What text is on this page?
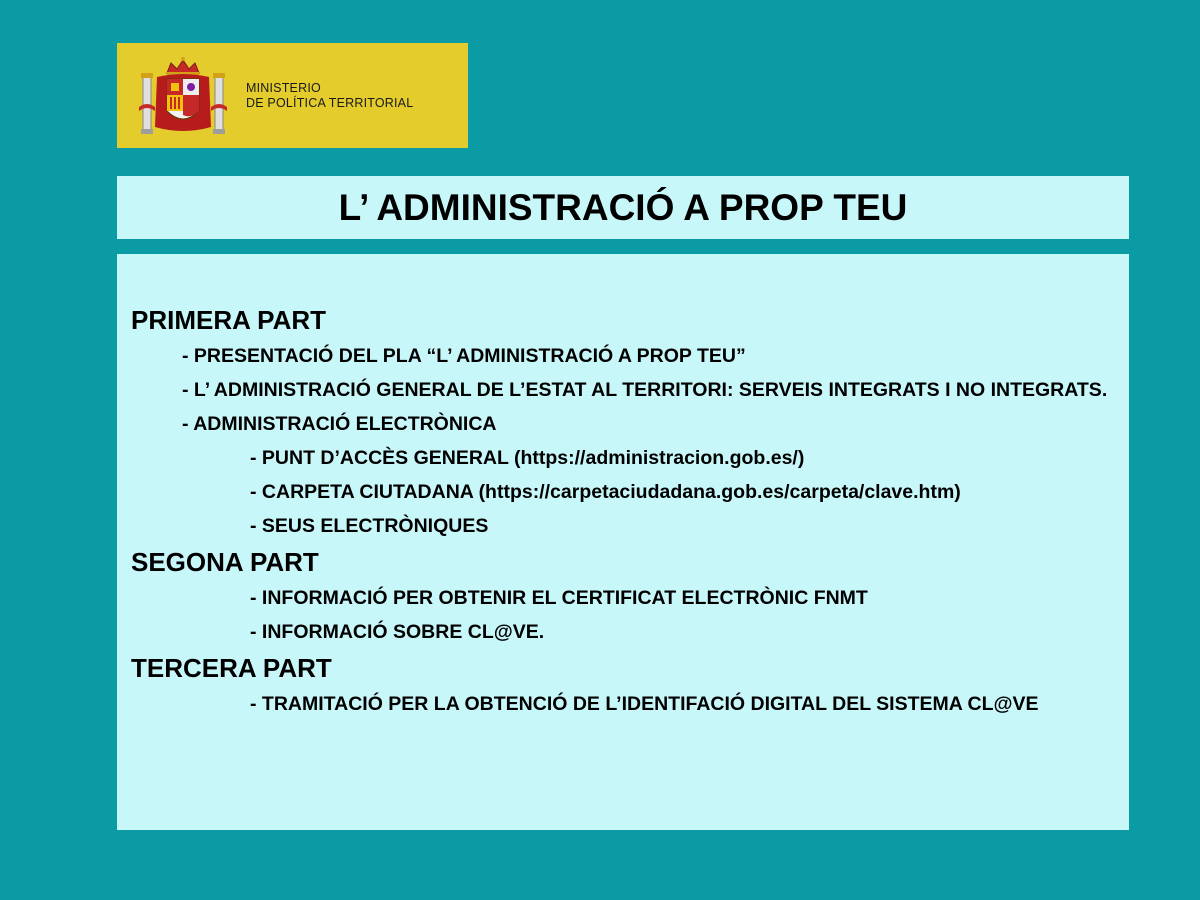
MINISTERIO
DE POLÍTICA TERRITORIAL
L’ ADMINISTRACIÓ A PROP TEU
PRIMERA PART
- PRESENTACIÓ DEL PLA “L’ ADMINISTRACIÓ A PROP TEU”
- L’ ADMINISTRACIÓ GENERAL DE L’ESTAT AL TERRITORI: SERVEIS INTEGRATS I NO INTEGRATS.
- ADMINISTRACIÓ ELECTRÒNICA
- PUNT D’ACCÈS GENERAL (https://administracion.gob.es/)
- CARPETA CIUTADANA (https://carpetaciudadana.gob.es/carpeta/clave.htm)
- SEUS ELECTRÒNIQUES
SEGONA PART
- INFORMACIÓ PER OBTENIR EL CERTIFICAT ELECTRÒNIC FNMT
- INFORMACIÓ SOBRE CL@VE.
TERCERA PART
- TRAMITACIÓ PER LA OBTENCIÓ DE L’IDENTIFACIÓ DIGITAL DEL SISTEMA CL@VE
